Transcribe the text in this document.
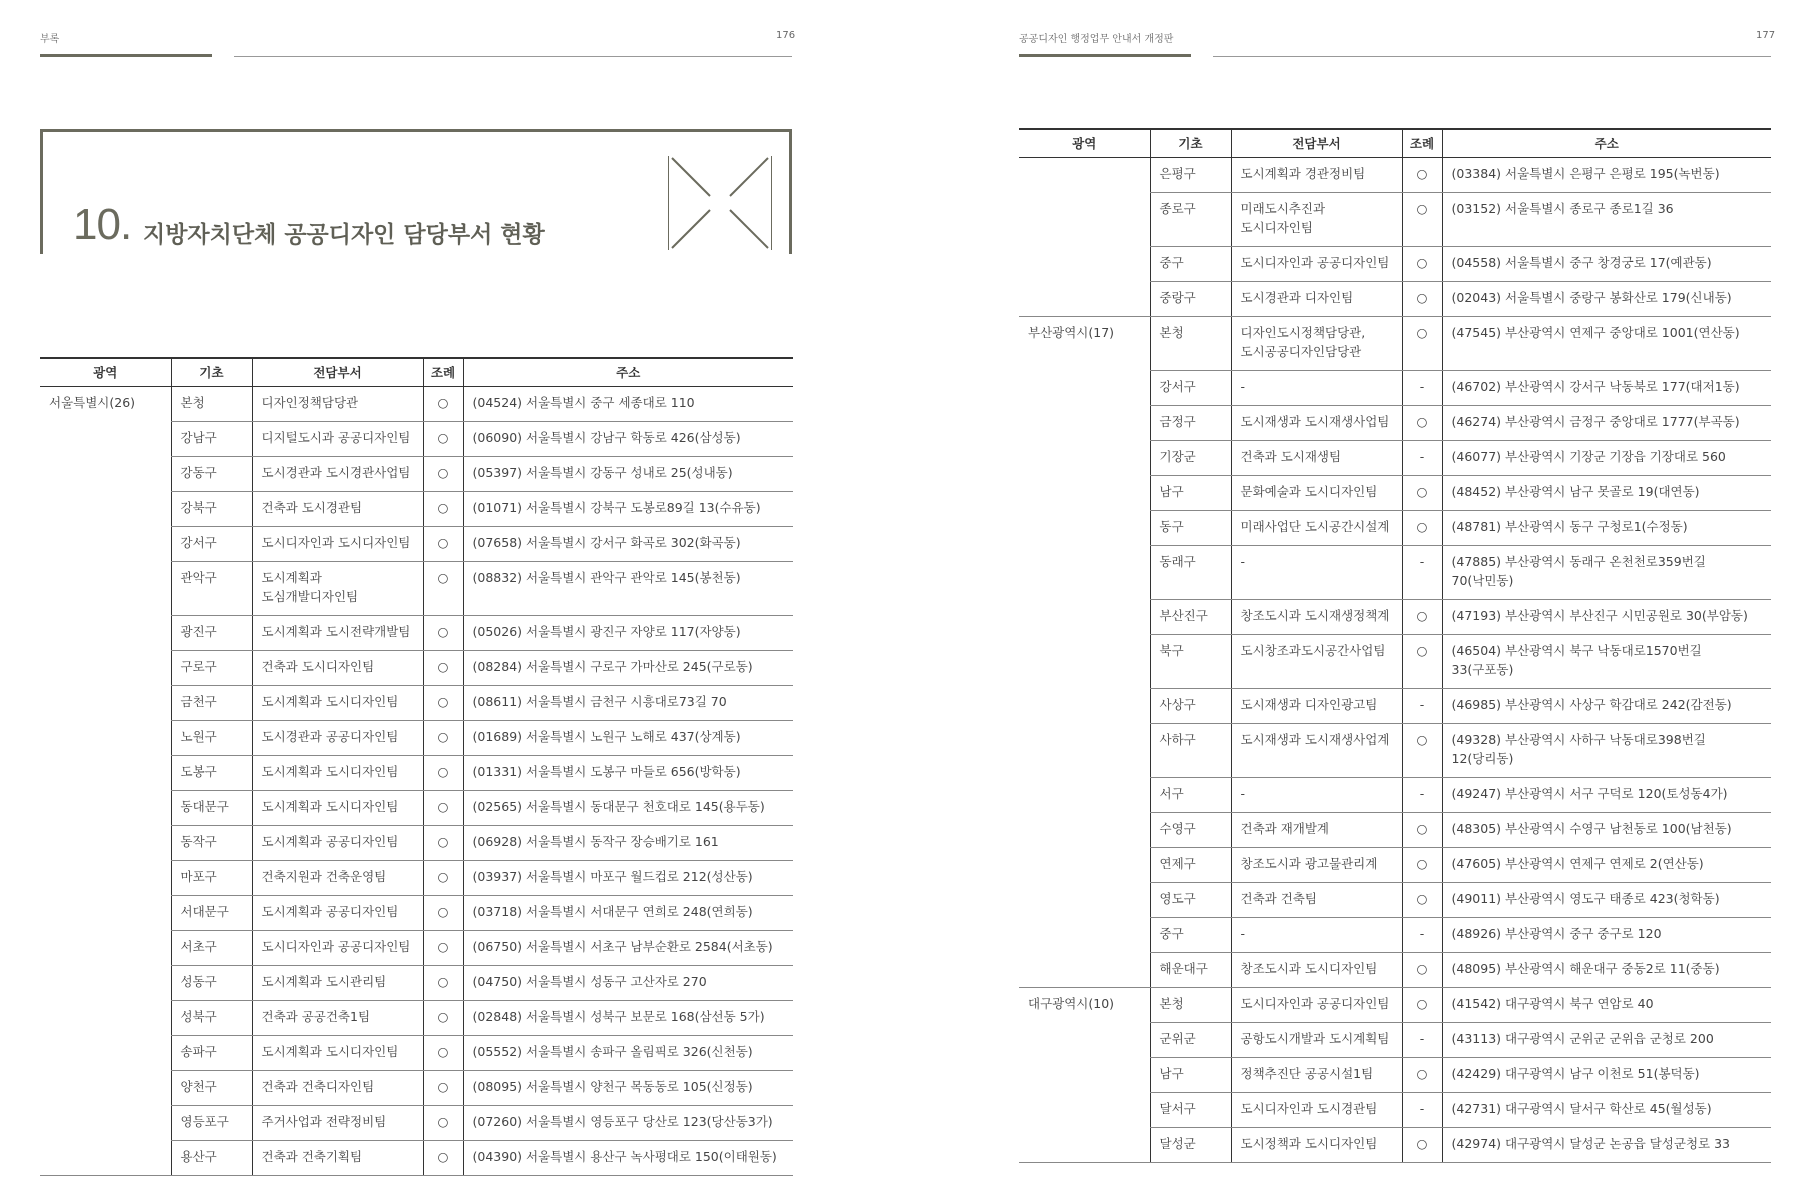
부록	176
10. 지방자치단체 공공디자인 담당부서 현황
광역	기초	전담부서	조례	주소
서울특별시(26)	본청	디자인정책담당관	○	(04524) 서울특별시 중구 세종대로 110
	강남구	디지털도시과 공공디자인팀	○	(06090) 서울특별시 강남구 학동로 426(삼성동)
	강동구	도시경관과 도시경관사업팀	○	(05397) 서울특별시 강동구 성내로 25(성내동)
	강북구	건축과 도시경관팀	○	(01071) 서울특별시 강북구 도봉로89길 13(수유동)
	강서구	도시디자인과 도시디자인팀	○	(07658) 서울특별시 강서구 화곡로 302(화곡동)
	관악구	도시계획과
도심개발디자인팀	○	(08832) 서울특별시 관악구 관악로 145(봉천동)
	광진구	도시계획과 도시전략개발팀	○	(05026) 서울특별시 광진구 자양로 117(자양동)
	구로구	건축과 도시디자인팀	○	(08284) 서울특별시 구로구 가마산로 245(구로동)
	금천구	도시계획과 도시디자인팀	○	(08611) 서울특별시 금천구 시흥대로73길 70
	노원구	도시경관과 공공디자인팀	○	(01689) 서울특별시 노원구 노해로 437(상계동)
	도봉구	도시계획과 도시디자인팀	○	(01331) 서울특별시 도봉구 마들로 656(방학동)
	동대문구	도시계획과 도시디자인팀	○	(02565) 서울특별시 동대문구 천호대로 145(용두동)
	동작구	도시계획과 공공디자인팀	○	(06928) 서울특별시 동작구 장승배기로 161
	마포구	건축지원과 건축운영팀	○	(03937) 서울특별시 마포구 월드컵로 212(성산동)
	서대문구	도시계획과 공공디자인팀	○	(03718) 서울특별시 서대문구 연희로 248(연희동)
	서초구	도시디자인과 공공디자인팀	○	(06750) 서울특별시 서초구 남부순환로 2584(서초동)
	성동구	도시계획과 도시관리팀	○	(04750) 서울특별시 성동구 고산자로 270
	성북구	건축과 공공건축1팀	○	(02848) 서울특별시 성북구 보문로 168(삼선동 5가)
	송파구	도시계획과 도시디자인팀	○	(05552) 서울특별시 송파구 올림픽로 326(신천동)
	양천구	건축과 건축디자인팀	○	(08095) 서울특별시 양천구 목동동로 105(신정동)
	영등포구	주거사업과 전략정비팀	○	(07260) 서울특별시 영등포구 당산로 123(당산동3가)
	용산구	건축과 건축기획팀	○	(04390) 서울특별시 용산구 녹사평대로 150(이태원동)
공공디자인 행정업무 안내서 개정판	177
광역	기초	전담부서	조례	주소
	은평구	도시계획과 경관정비팀	○	(03384) 서울특별시 은평구 은평로 195(녹번동)
	종로구	미래도시추진과
도시디자인팀	○	(03152) 서울특별시 종로구 종로1길 36
	중구	도시디자인과 공공디자인팀	○	(04558) 서울특별시 중구 창경궁로 17(예관동)
	중랑구	도시경관과 디자인팀	○	(02043) 서울특별시 중랑구 봉화산로 179(신내동)
부산광역시(17)	본청	디자인도시정책담당관,
도시공공디자인담당관	○	(47545) 부산광역시 연제구 중앙대로 1001(연산동)
	강서구	-	-	(46702) 부산광역시 강서구 낙동북로 177(대저1동)
	금정구	도시재생과 도시재생사업팀	○	(46274) 부산광역시 금정구 중앙대로 1777(부곡동)
	기장군	건축과 도시재생팀	-	(46077) 부산광역시 기장군 기장읍 기장대로 560
	남구	문화예술과 도시디자인팀	○	(48452) 부산광역시 남구 못골로 19(대연동)
	동구	미래사업단 도시공간시설계	○	(48781) 부산광역시 동구 구청로1(수정동)
	동래구	-	-	(47885) 부산광역시 동래구 온천천로359번길
70(낙민동)
	부산진구	창조도시과 도시재생정책계	○	(47193) 부산광역시 부산진구 시민공원로 30(부암동)
	북구	도시창조과도시공간사업팀	○	(46504) 부산광역시 북구 낙동대로1570번길
33(구포동)
	사상구	도시재생과 디자인광고팀	-	(46985) 부산광역시 사상구 학감대로 242(감전동)
	사하구	도시재생과 도시재생사업계	○	(49328) 부산광역시 사하구 낙동대로398번길
12(당리동)
	서구	-	-	(49247) 부산광역시 서구 구덕로 120(토성동4가)
	수영구	건축과 재개발계	○	(48305) 부산광역시 수영구 남천동로 100(남천동)
	연제구	창조도시과 광고물관리계	○	(47605) 부산광역시 연제구 연제로 2(연산동)
	영도구	건축과 건축팀	○	(49011) 부산광역시 영도구 태종로 423(청학동)
	중구	-	-	(48926) 부산광역시 중구 중구로 120
	해운대구	창조도시과 도시디자인팀	○	(48095) 부산광역시 해운대구 중동2로 11(중동)
대구광역시(10)	본청	도시디자인과 공공디자인팀	○	(41542) 대구광역시 북구 연암로 40
	군위군	공항도시개발과 도시계획팀	-	(43113) 대구광역시 군위군 군위읍 군청로 200
	남구	정책추진단 공공시설1팀	○	(42429) 대구광역시 남구 이천로 51(봉덕동)
	달서구	도시디자인과 도시경관팀	-	(42731) 대구광역시 달서구 학산로 45(월성동)
	달성군	도시정책과 도시디자인팀	○	(42974) 대구광역시 달성군 논공읍 달성군청로 33
